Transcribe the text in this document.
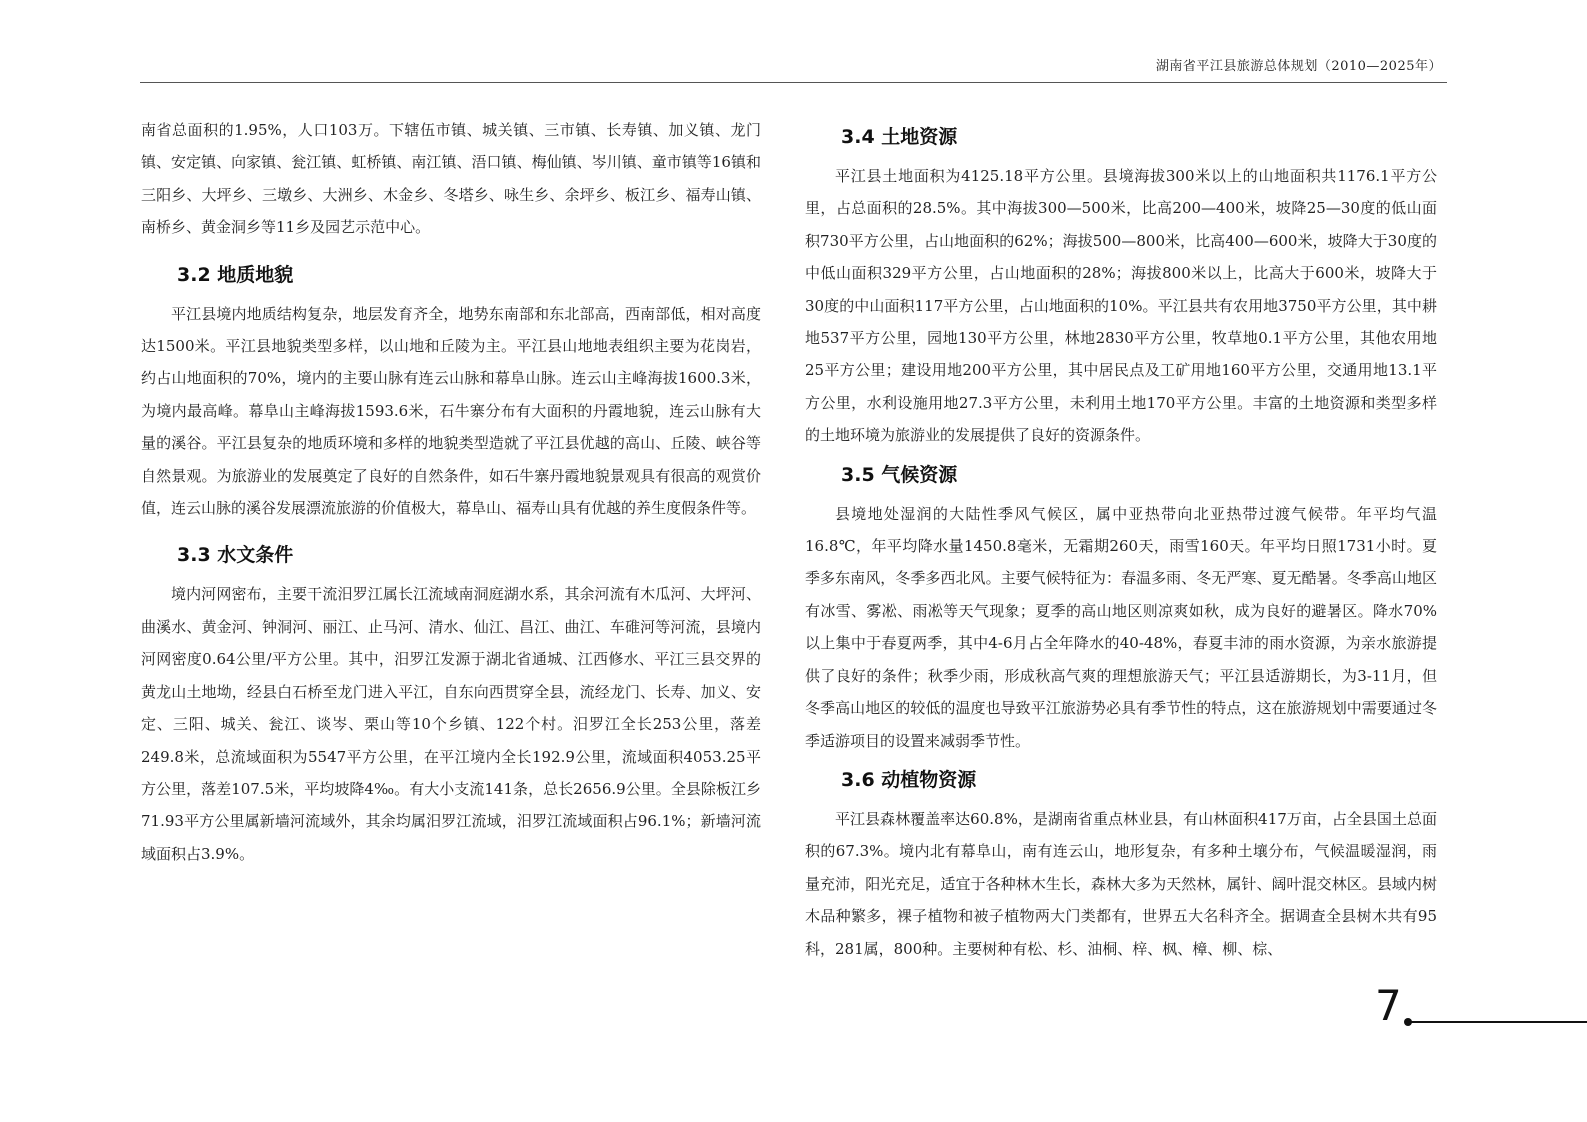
湖南省平江县旅游总体规划（2010—2025年）

南省总面积的1.95%，人口103万。下辖伍市镇、城关镇、三市镇、长寿镇、加义镇、龙门镇、安定镇、向家镇、瓮江镇、虹桥镇、南江镇、浯口镇、梅仙镇、岑川镇、童市镇等16镇和三阳乡、大坪乡、三墩乡、大洲乡、木金乡、冬塔乡、咏生乡、余坪乡、板江乡、福寿山镇、南桥乡、黄金洞乡等11乡及园艺示范中心。

3.2 地质地貌

平江县境内地质结构复杂，地层发育齐全，地势东南部和东北部高，西南部低，相对高度达1500米。平江县地貌类型多样，以山地和丘陵为主。平江县山地地表组织主要为花岗岩，约占山地面积的70%，境内的主要山脉有连云山脉和幕阜山脉。连云山主峰海拔1600.3米，为境内最高峰。幕阜山主峰海拔1593.6米，石牛寨分布有大面积的丹霞地貌，连云山脉有大量的溪谷。平江县复杂的地质环境和多样的地貌类型造就了平江县优越的高山、丘陵、峡谷等自然景观。为旅游业的发展奠定了良好的自然条件，如石牛寨丹霞地貌景观具有很高的观赏价值，连云山脉的溪谷发展漂流旅游的价值极大，幕阜山、福寿山具有优越的养生度假条件等。

3.3 水文条件

境内河网密布，主要干流汨罗江属长江流域南洞庭湖水系，其余河流有木瓜河、大坪河、曲溪水、黄金河、钟洞河、丽江、止马河、清水、仙江、昌江、曲江、车碓河等河流，县境内河网密度0.64公里/平方公里。其中，汨罗江发源于湖北省通城、江西修水、平江三县交界的黄龙山土地坳，经县白石桥至龙门进入平江，自东向西贯穿全县，流经龙门、长寿、加义、安定、三阳、城关、瓮江、谈岑、栗山等10个乡镇、122个村。汨罗江全长253公里，落差249.8米，总流域面积为5547平方公里，在平江境内全长192.9公里，流域面积4053.25平方公里，落差107.5米，平均坡降4‰。有大小支流141条，总长2656.9公里。全县除板江乡71.93平方公里属新墙河流域外，其余均属汨罗江流域，汨罗江流域面积占96.1%；新墙河流域面积占3.9%。

3.4 土地资源

平江县土地面积为4125.18平方公里。县境海拔300米以上的山地面积共1176.1平方公里，占总面积的28.5%。其中海拔300—500米，比高200—400米，坡降25—30度的低山面积730平方公里，占山地面积的62%；海拔500—800米，比高400—600米，坡降大于30度的中低山面积329平方公里，占山地面积的28%；海拔800米以上，比高大于600米，坡降大于30度的中山面积117平方公里，占山地面积的10%。平江县共有农用地3750平方公里，其中耕地537平方公里，园地130平方公里，林地2830平方公里，牧草地0.1平方公里，其他农用地25平方公里；建设用地200平方公里，其中居民点及工矿用地160平方公里，交通用地13.1平方公里，水利设施用地27.3平方公里，未利用土地170平方公里。丰富的土地资源和类型多样的土地环境为旅游业的发展提供了良好的资源条件。

3.5 气候资源

县境地处湿润的大陆性季风气候区，属中亚热带向北亚热带过渡气候带。年平均气温16.8℃，年平均降水量1450.8毫米，无霜期260天，雨雪160天。年平均日照1731小时。夏季多东南风，冬季多西北风。主要气候特征为：春温多雨、冬无严寒、夏无酷暑。冬季高山地区有冰雪、雾凇、雨凇等天气现象；夏季的高山地区则凉爽如秋，成为良好的避暑区。降水70%以上集中于春夏两季，其中4-6月占全年降水的40-48%，春夏丰沛的雨水资源，为亲水旅游提供了良好的条件；秋季少雨，形成秋高气爽的理想旅游天气；平江县适游期长，为3-11月，但冬季高山地区的较低的温度也导致平江旅游势必具有季节性的特点，这在旅游规划中需要通过冬季适游项目的设置来减弱季节性。

3.6 动植物资源

平江县森林覆盖率达60.8%，是湖南省重点林业县，有山林面积417万亩，占全县国土总面积的67.3%。境内北有幕阜山，南有连云山，地形复杂，有多种土壤分布，气候温暖湿润，雨量充沛，阳光充足，适宜于各种林木生长，森林大多为天然林，属针、阔叶混交林区。县域内树木品种繁多，裸子植物和被子植物两大门类都有，世界五大名科齐全。据调查全县树木共有95科，281属，800种。主要树种有松、杉、油桐、梓、枫、樟、柳、棕、

7
